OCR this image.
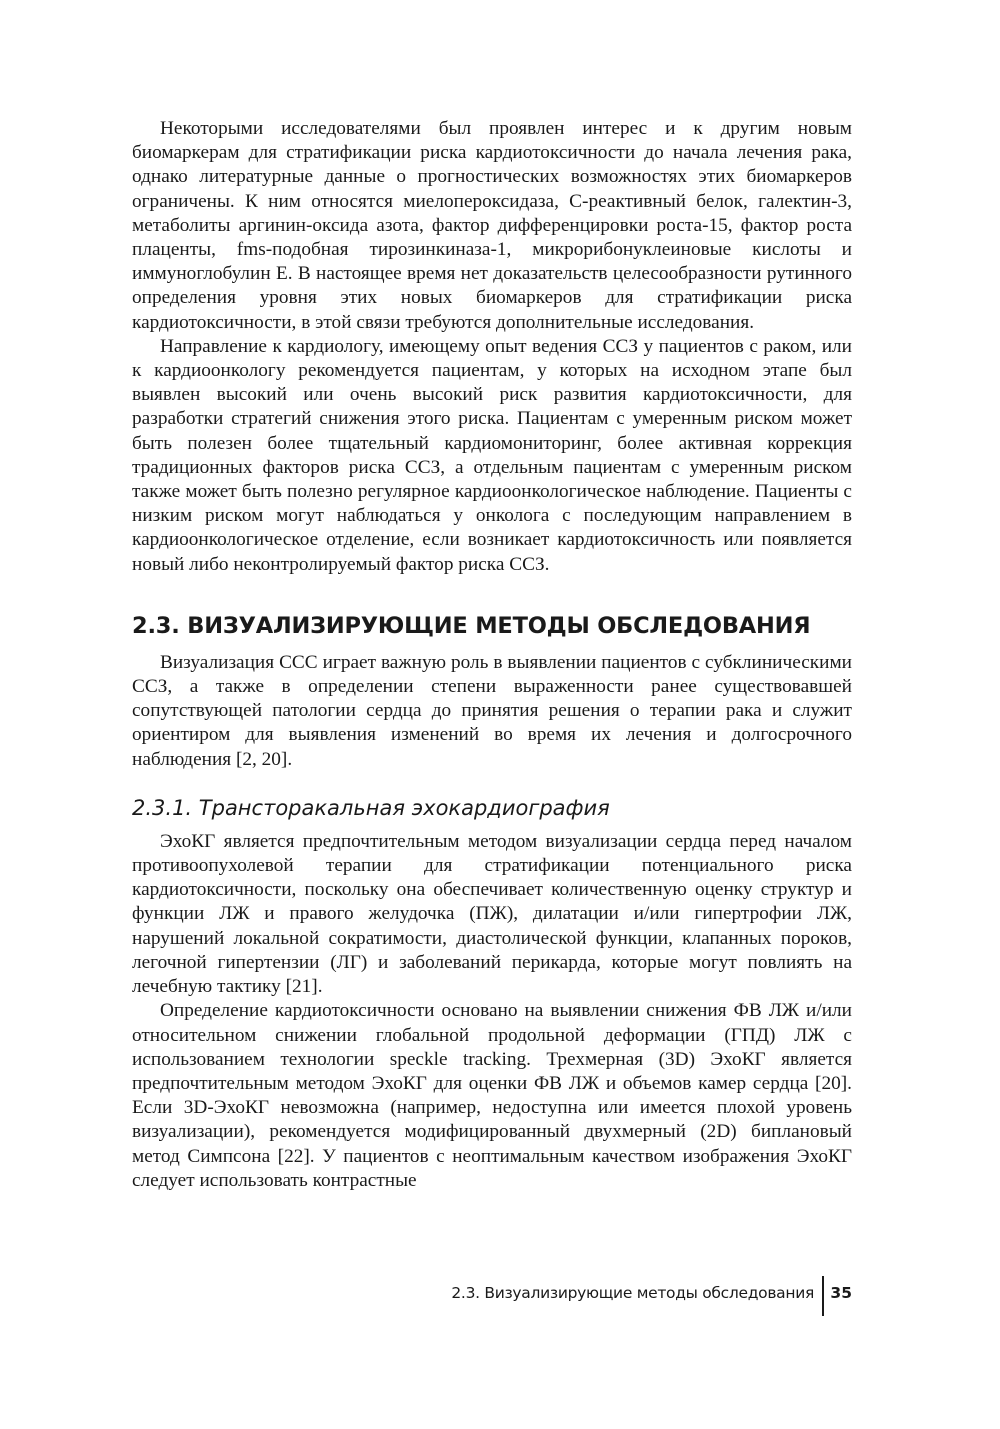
Некоторыми исследователями был проявлен интерес и к другим новым биомаркерам для стратификации риска кардиотоксичности до начала лечения рака, однако литературные данные о прогностических возможностях этих биомаркеров ограничены. К ним относятся миелопероксидаза, С-реактивный белок, галектин-3, метаболиты аргинин-оксида азота, фактор дифференцировки роста-15, фактор роста плаценты, fms-подобная тирозинкиназа-1, микрорибонуклеиновые кислоты и иммуноглобулин Е. В настоящее время нет доказательств целесообразности рутинного определения уровня этих новых биомаркеров для стратификации риска кардиотоксичности, в этой связи требуются дополнительные исследования.

Направление к кардиологу, имеющему опыт ведения ССЗ у пациентов с раком, или к кардиоонкологу рекомендуется пациентам, у которых на исходном этапе был выявлен высокий или очень высокий риск развития кардиотоксичности, для разработки стратегий снижения этого риска. Пациентам с умеренным риском может быть полезен более тщательный кардиомониторинг, более активная коррекция традиционных факторов риска ССЗ, а отдельным пациентам с умеренным риском также может быть полезно регулярное кардиоонкологическое наблюдение. Пациенты с низким риском могут наблюдаться у онколога с последующим направлением в кардиоонкологическое отделение, если возникает кардиотоксичность или появляется новый либо неконтролируемый фактор риска ССЗ.

2.3. ВИЗУАЛИЗИРУЮЩИЕ МЕТОДЫ ОБСЛЕДОВАНИЯ

Визуализация ССС играет важную роль в выявлении пациентов с субклиническими ССЗ, а также в определении степени выраженности ранее существовавшей сопутствующей патологии сердца до принятия решения о терапии рака и служит ориентиром для выявления изменений во время их лечения и долгосрочного наблюдения [2, 20].

2.3.1. Трансторакальная эхокардиография

ЭхоКГ является предпочтительным методом визуализации сердца перед началом противоопухолевой терапии для стратификации потенциального риска кардиотоксичности, поскольку она обеспечивает количественную оценку структур и функции ЛЖ и правого желудочка (ПЖ), дилатации и/или гипертрофии ЛЖ, нарушений локальной сократимости, диастолической функции, клапанных пороков, легочной гипертензии (ЛГ) и заболеваний перикарда, которые могут повлиять на лечебную тактику [21].

Определение кардиотоксичности основано на выявлении снижения ФВ ЛЖ и/или относительном снижении глобальной продольной деформации (ГПД) ЛЖ с использованием технологии speckle tracking. Трехмерная (3D) ЭхоКГ является предпочтительным методом ЭхоКГ для оценки ФВ ЛЖ и объемов камер сердца [20]. Если 3D-ЭхоКГ невозможна (например, недоступна или имеется плохой уровень визуализации), рекомендуется модифицированный двухмерный (2D) биплановый метод Симпсона [22]. У пациентов с неоптимальным качеством изображения ЭхоКГ следует использовать контрастные

2.3. Визуализирующие методы обследования 35
